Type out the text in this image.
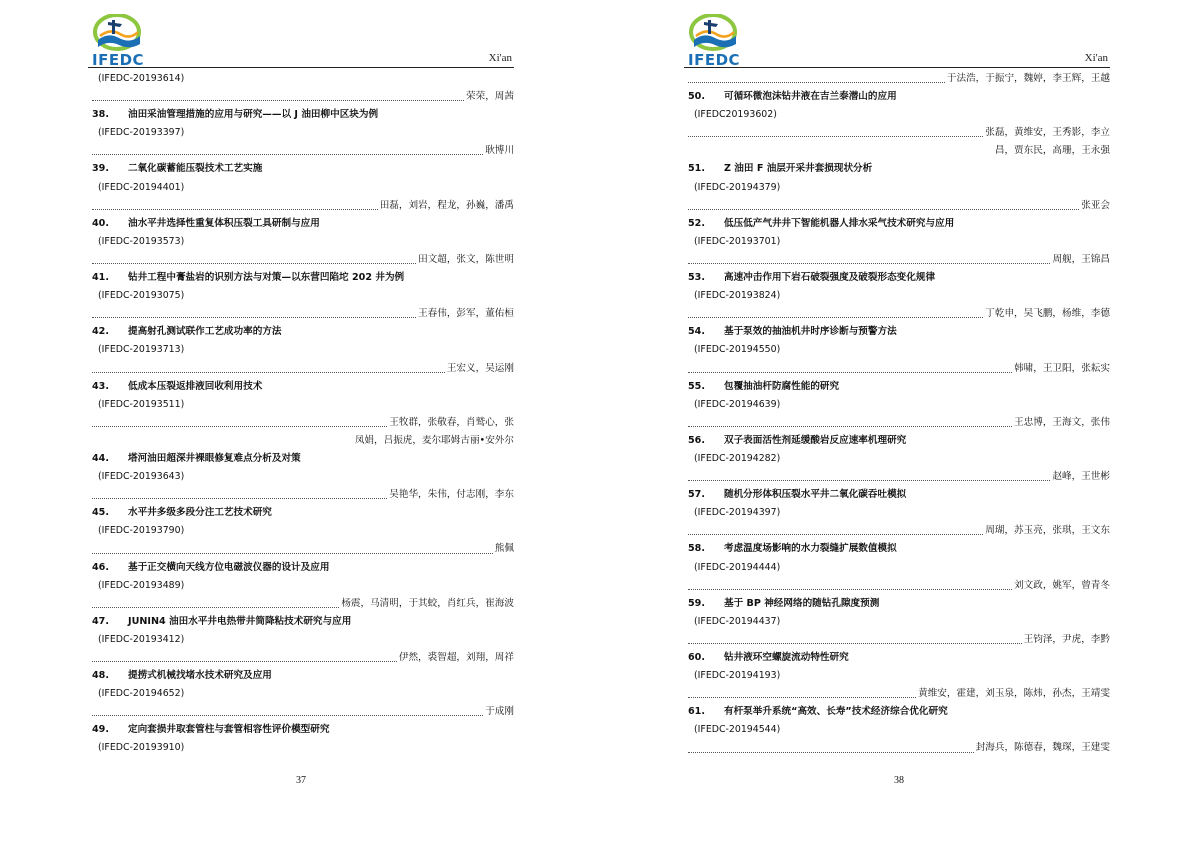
IFEDC	Xi'an
(IFEDC-20193614)
荣荣，周茜
38. 油田采油管理措施的应用与研究——以 J 油田柳中区块为例
(IFEDC-20193397)
耿博川
39. 二氧化碳蓄能压裂技术工艺实施
(IFEDC-20194401)
田磊，刘岩，程龙，孙巍，潘禹
40. 油水平井选择性重复体积压裂工具研制与应用
(IFEDC-20193573)
田文超，张文，陈世明
41. 钻井工程中膏盐岩的识别方法与对策—以东营凹陷坨 202 井为例
(IFEDC-20193075)
王春伟，彭军，董佑桓
42. 提高射孔测试联作工艺成功率的方法
(IFEDC-20193713)
王宏义，吴运刚
43. 低成本压裂返排液回收利用技术
(IFEDC-20193511)
王牧群，张敬春，肖鹫心，张
凤娟，吕振虎，麦尔耶姆古丽•安外尔
44. 塔河油田超深井裸眼修复难点分析及对策
(IFEDC-20193643)
吴艳华，朱伟，付志刚，李东
45. 水平井多级多段分注工艺技术研究
(IFEDC-20193790)
熊佩
46. 基于正交横向天线方位电磁波仪器的设计及应用
(IFEDC-20193489)
杨震，马清明，于其蛟，肖红兵，崔海波
47. JUNIN4 油田水平井电热带井筒降粘技术研究与应用
(IFEDC-20193412)
伊然，裘智超，刘翔，周祥
48. 提捞式机械找堵水技术研究及应用
(IFEDC-20194652)
于成刚
49. 定向套损井取套管柱与套管相容性评价模型研究
(IFEDC-20193910)
37
IFEDC	Xi'an
于法浩，于振宁，魏婷，李王辉，王越
50. 可循环微泡沫钻井液在吉兰泰潜山的应用
(IFEDC20193602)
张磊，黄维安，王秀影，李立
昌，贾东民，高珊，王永强
51. Z 油田 F 油层开采井套损现状分析
(IFEDC-20194379)
张亚会
52. 低压低产气井井下智能机器人排水采气技术研究与应用
(IFEDC-20193701)
周舰，王锦昌
53. 高速冲击作用下岩石破裂强度及破裂形态变化规律
(IFEDC-20193824)
丁乾申，吴飞鹏，杨维，李德
54. 基于泵效的抽油机井时序诊断与预警方法
(IFEDC-20194550)
韩啸，王卫阳，张耘实
55. 包覆抽油杆防腐性能的研究
(IFEDC-20194639)
王忠博，王海文，张伟
56. 双子表面活性剂延缓酸岩反应速率机理研究
(IFEDC-20194282)
赵峰，王世彬
57. 随机分形体积压裂水平井二氧化碳吞吐模拟
(IFEDC-20194397)
周瑚，苏玉亮，张琪，王文东
58. 考虑温度场影响的水力裂缝扩展数值模拟
(IFEDC-20194444)
刘文政，姚军，曾青冬
59. 基于 BP 神经网络的随钻孔隙度预测
(IFEDC-20194437)
王钧泽，尹虎，李黔
60. 钻井液环空螺旋流动特性研究
(IFEDC-20194193)
黄维安，霍建，刘玉泉，陈炜，孙杰，王靖雯
61. 有杆泵举升系统“高效、长寿”技术经济综合优化研究
(IFEDC-20194544)
封海兵，陈德春，魏琛，王建雯
38
